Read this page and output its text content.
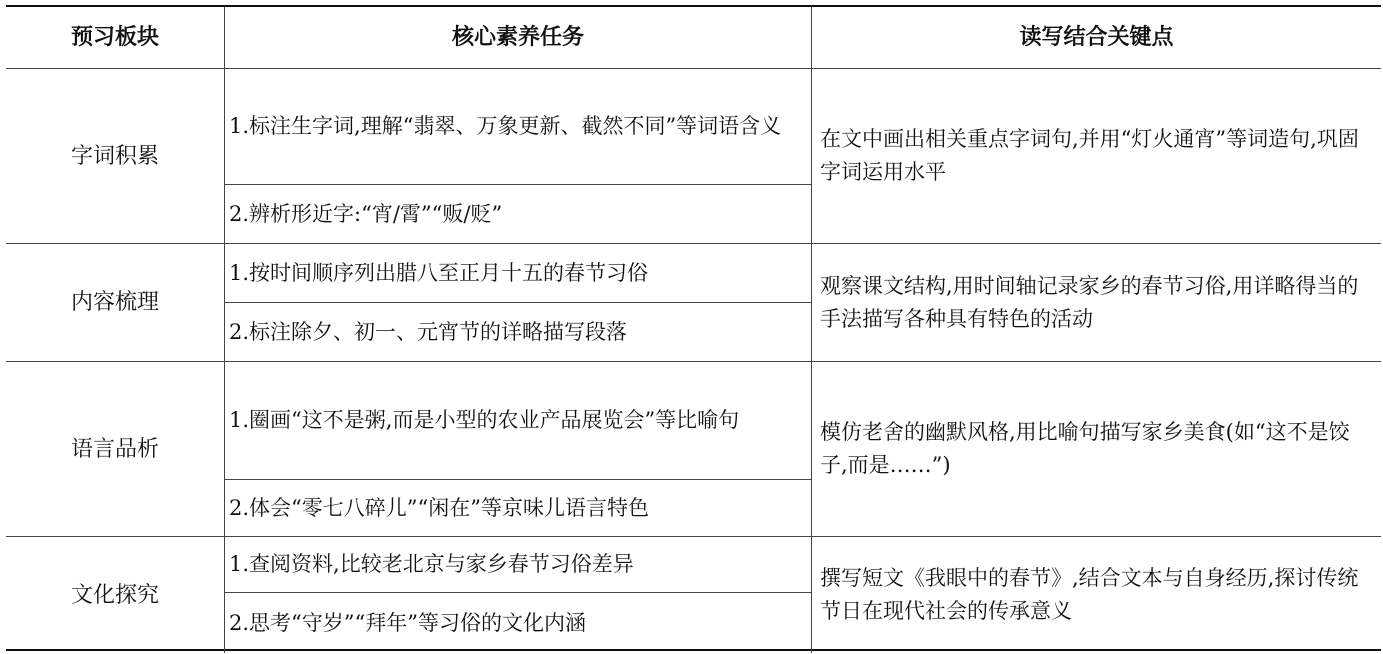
预习板块	核心素养任务	读写结合关键点
字词积累
1.标注生字词,理解“翡翠、万象更新、截然不同”等词语含义
2.辨析形近字:“宵/霄”“贩/贬”
在文中画出相关重点字词句,并用“灯火通宵”等词造句,巩固字词运用水平
内容梳理
1.按时间顺序列出腊八至正月十五的春节习俗
2.标注除夕、初一、元宵节的详略描写段落
观察课文结构,用时间轴记录家乡的春节习俗,用详略得当的手法描写各种具有特色的活动
语言品析
1.圈画“这不是粥,而是小型的农业产品展览会”等比喻句
2.体会“零七八碎儿”“闲在”等京味儿语言特色
模仿老舍的幽默风格,用比喻句描写家乡美食(如“这不是饺子,而是……”)
文化探究
1.查阅资料,比较老北京与家乡春节习俗差异
2.思考“守岁”“拜年”等习俗的文化内涵
撰写短文《我眼中的春节》,结合文本与自身经历,探讨传统节日在现代社会的传承意义
